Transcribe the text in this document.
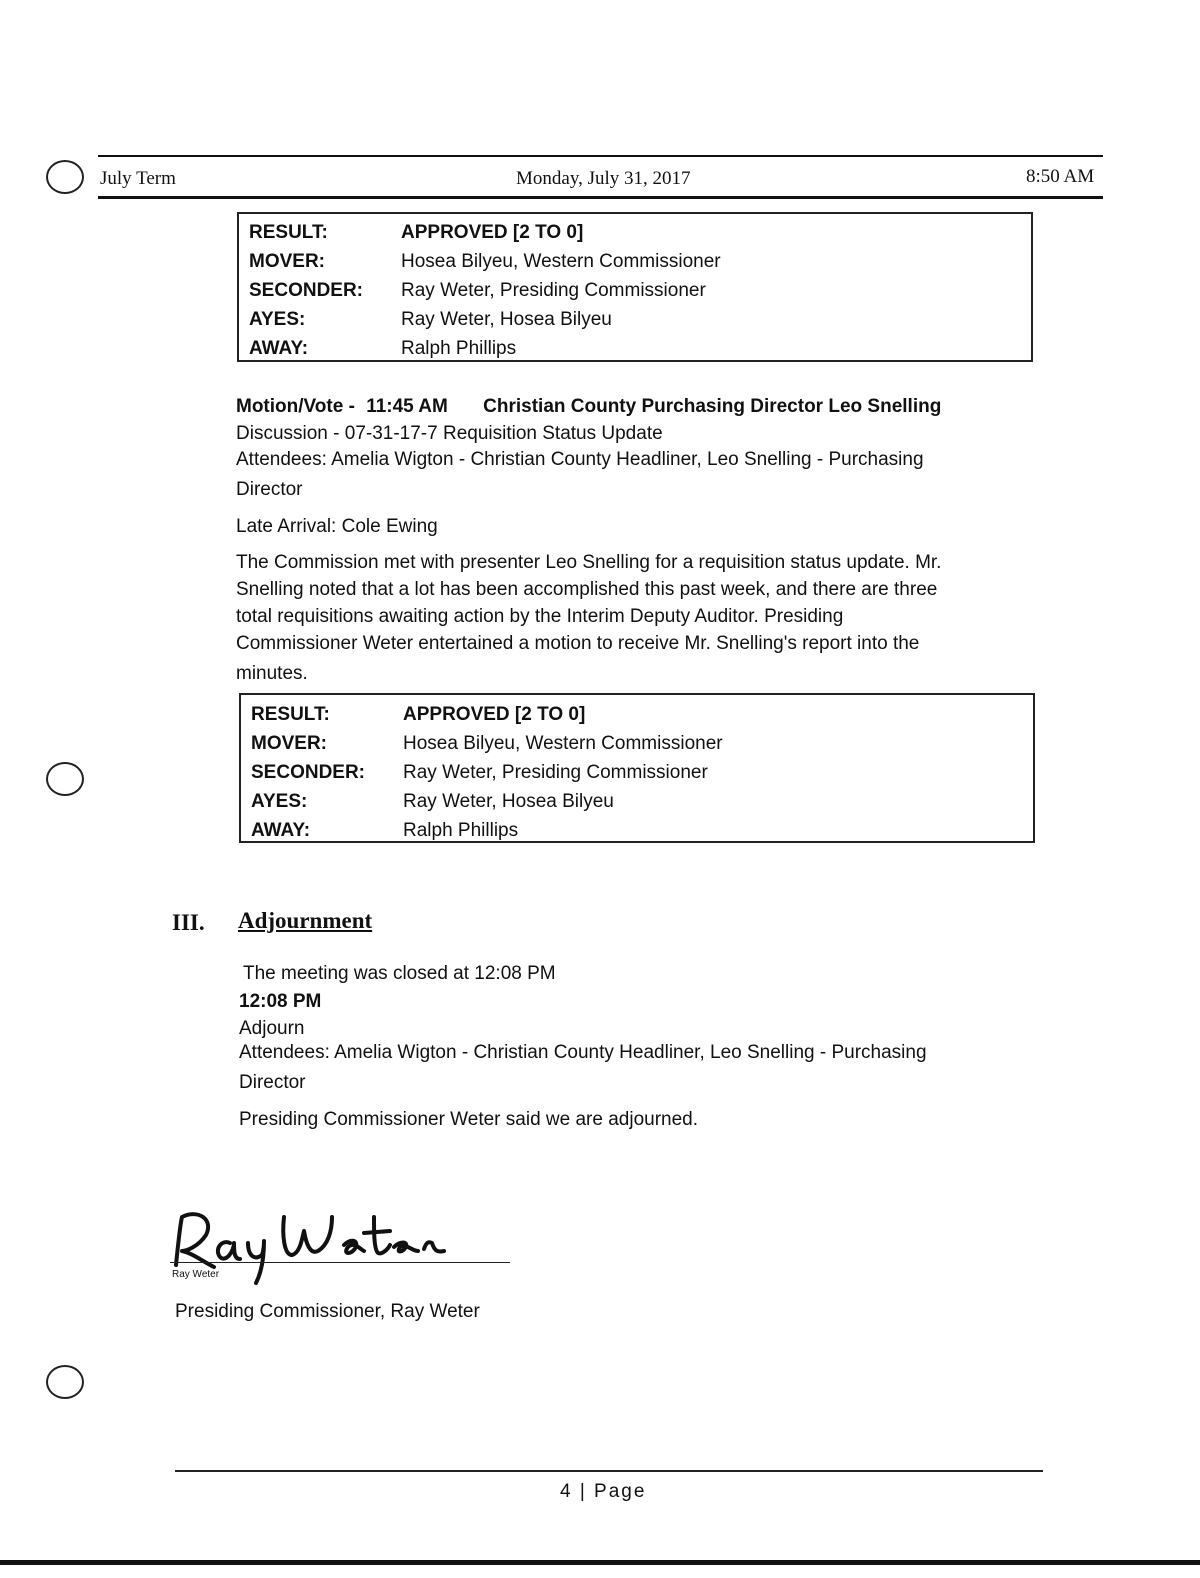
July Term	Monday, July 31, 2017	8:50 AM
RESULT:	APPROVED [2 TO 0]
MOVER:	Hosea Bilyeu, Western Commissioner
SECONDER:	Ray Weter, Presiding Commissioner
AYES:	Ray Weter, Hosea Bilyeu
AWAY:	Ralph Phillips
Motion/Vote - 11:45 AM Christian County Purchasing Director Leo Snelling
Discussion - 07-31-17-7 Requisition Status Update
Attendees: Amelia Wigton - Christian County Headliner, Leo Snelling - Purchasing
Director
Late Arrival: Cole Ewing
The Commission met with presenter Leo Snelling for a requisition status update. Mr.
Snelling noted that a lot has been accomplished this past week, and there are three
total requisitions awaiting action by the Interim Deputy Auditor. Presiding
Commissioner Weter entertained a motion to receive Mr. Snelling's report into the
minutes.
RESULT:	APPROVED [2 TO 0]
MOVER:	Hosea Bilyeu, Western Commissioner
SECONDER:	Ray Weter, Presiding Commissioner
AYES:	Ray Weter, Hosea Bilyeu
AWAY:	Ralph Phillips
III. Adjournment
The meeting was closed at 12:08 PM
12:08 PM
Adjourn
Attendees: Amelia Wigton - Christian County Headliner, Leo Snelling - Purchasing
Director
Presiding Commissioner Weter said we are adjourned.
Ray Weter
Presiding Commissioner, Ray Weter
4 | Page
